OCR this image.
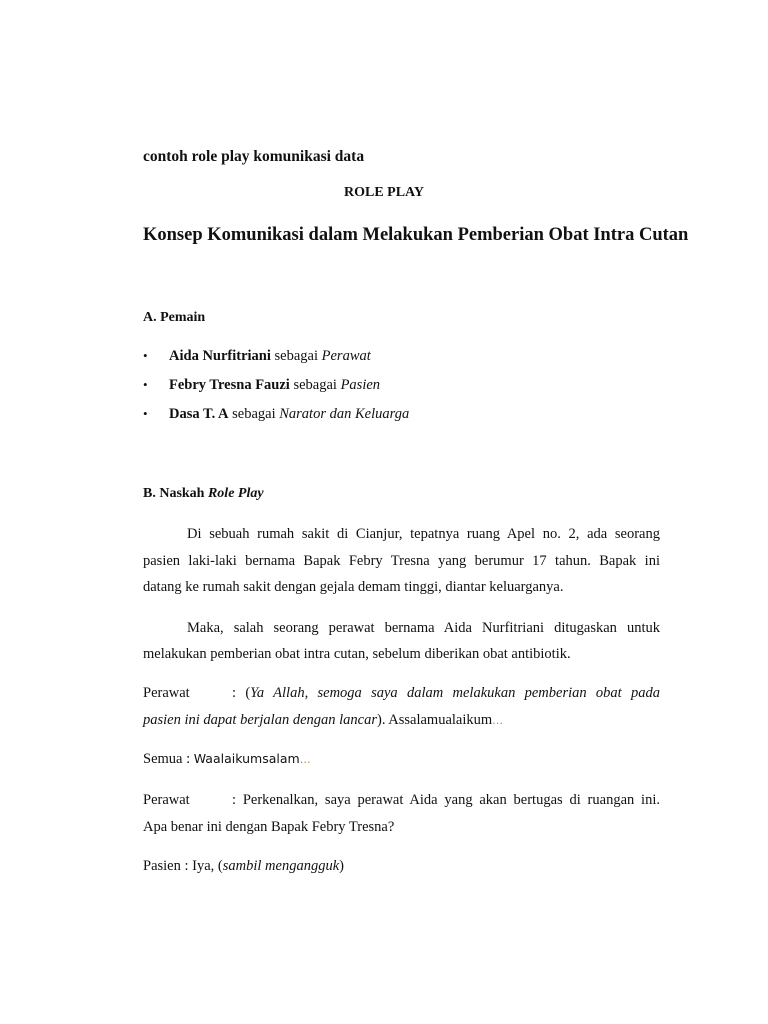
contoh role play komunikasi data

ROLE PLAY

Konsep Komunikasi dalam Melakukan Pemberian Obat Intra Cutan

A. Pemain

• Aida Nurfitriani sebagai Perawat

• Febry Tresna Fauzi sebagai Pasien

• Dasa T. A sebagai Narator dan Keluarga

B. Naskah Role Play

Di sebuah rumah sakit di Cianjur, tepatnya ruang Apel no. 2, ada seorang

pasien laki-laki bernama Bapak Febry Tresna yang berumur 17 tahun. Bapak ini

datang ke rumah sakit dengan gejala demam tinggi, diantar keluarganya.

Maka, salah seorang perawat bernama Aida Nurfitriani ditugaskan untuk

melakukan pemberian obat intra cutan, sebelum diberikan obat antibiotik.

Perawat	: (Ya Allah, semoga saya dalam melakukan pemberian obat pada

pasien ini dapat berjalan dengan lancar). Assalamualaikum…

Semua : Waalaikumsalam…

Perawat	: Perkenalkan, saya perawat Aida yang akan bertugas di ruangan ini.

Apa benar ini dengan Bapak Febry Tresna?

Pasien : Iya, (sambil mengangguk)
